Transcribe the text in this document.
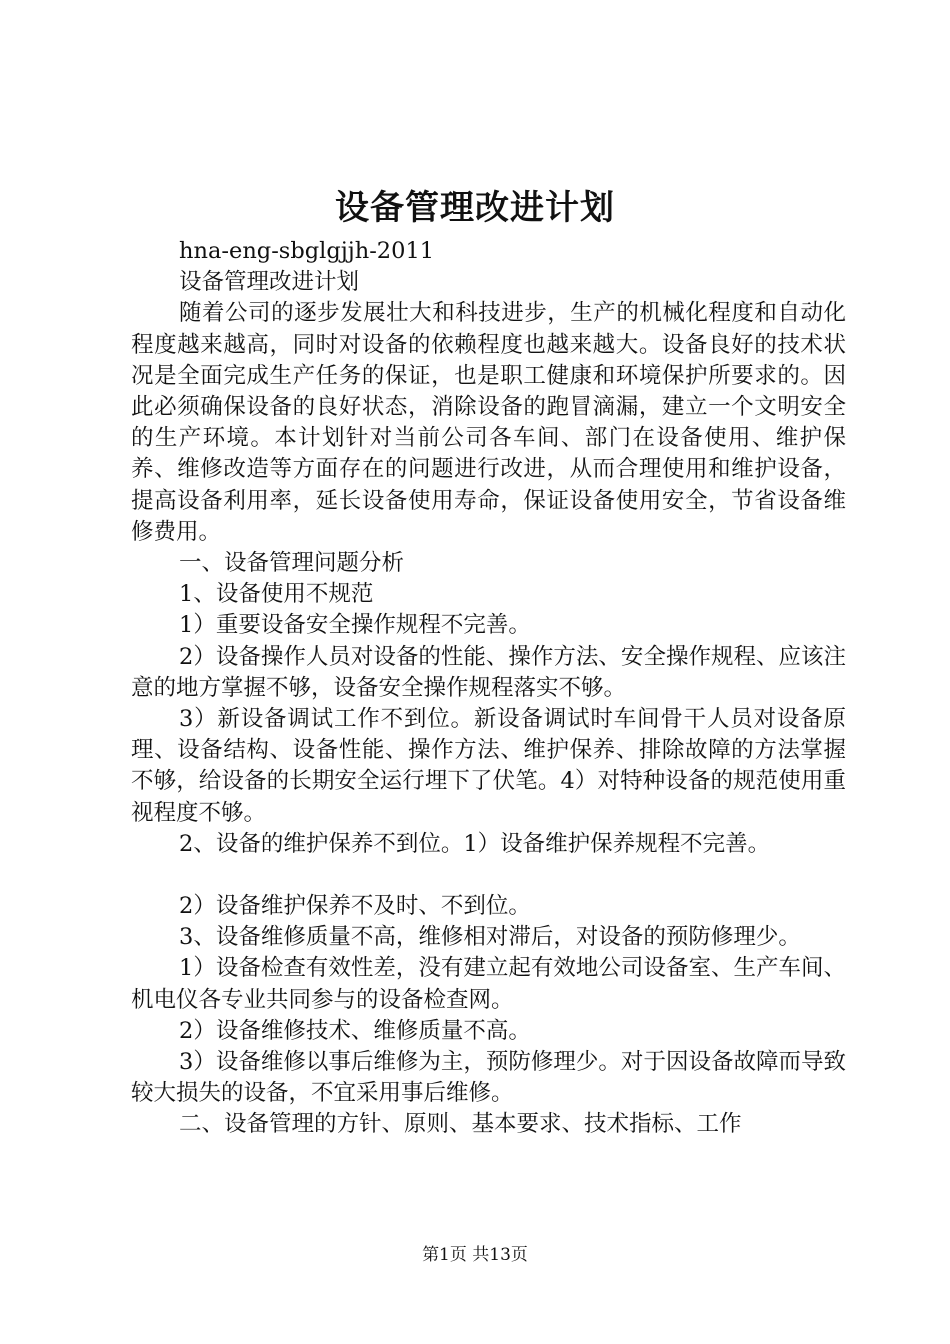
设备管理改进计划

hna-eng-sbglgjjh-2011

设备管理改进计划

随着公司的逐步发展壮大和科技进步，生产的机械化程度和自动化程度越来越高，同时对设备的依赖程度也越来越大。设备良好的技术状况是全面完成生产任务的保证，也是职工健康和环境保护所要求的。因此必须确保设备的良好状态，消除设备的跑冒滴漏，建立一个文明安全的生产环境。本计划针对当前公司各车间、部门在设备使用、维护保养、维修改造等方面存在的问题进行改进，从而合理使用和维护设备，提高设备利用率，延长设备使用寿命，保证设备使用安全，节省设备维修费用。

一、设备管理问题分析

1、设备使用不规范

1）重要设备安全操作规程不完善。

2）设备操作人员对设备的性能、操作方法、安全操作规程、应该注意的地方掌握不够，设备安全操作规程落实不够。

3）新设备调试工作不到位。新设备调试时车间骨干人员对设备原理、设备结构、设备性能、操作方法、维护保养、排除故障的方法掌握不够，给设备的长期安全运行埋下了伏笔。4）对特种设备的规范使用重视程度不够。

2、设备的维护保养不到位。1）设备维护保养规程不完善。

2）设备维护保养不及时、不到位。

3、设备维修质量不高，维修相对滞后，对设备的预防修理少。

1）设备检查有效性差，没有建立起有效地公司设备室、生产车间、机电仪各专业共同参与的设备检查网。

2）设备维修技术、维修质量不高。

3）设备维修以事后维修为主，预防修理少。对于因设备故障而导致较大损失的设备，不宜采用事后维修。

二、设备管理的方针、原则、基本要求、技术指标、工作

第1页 共13页
